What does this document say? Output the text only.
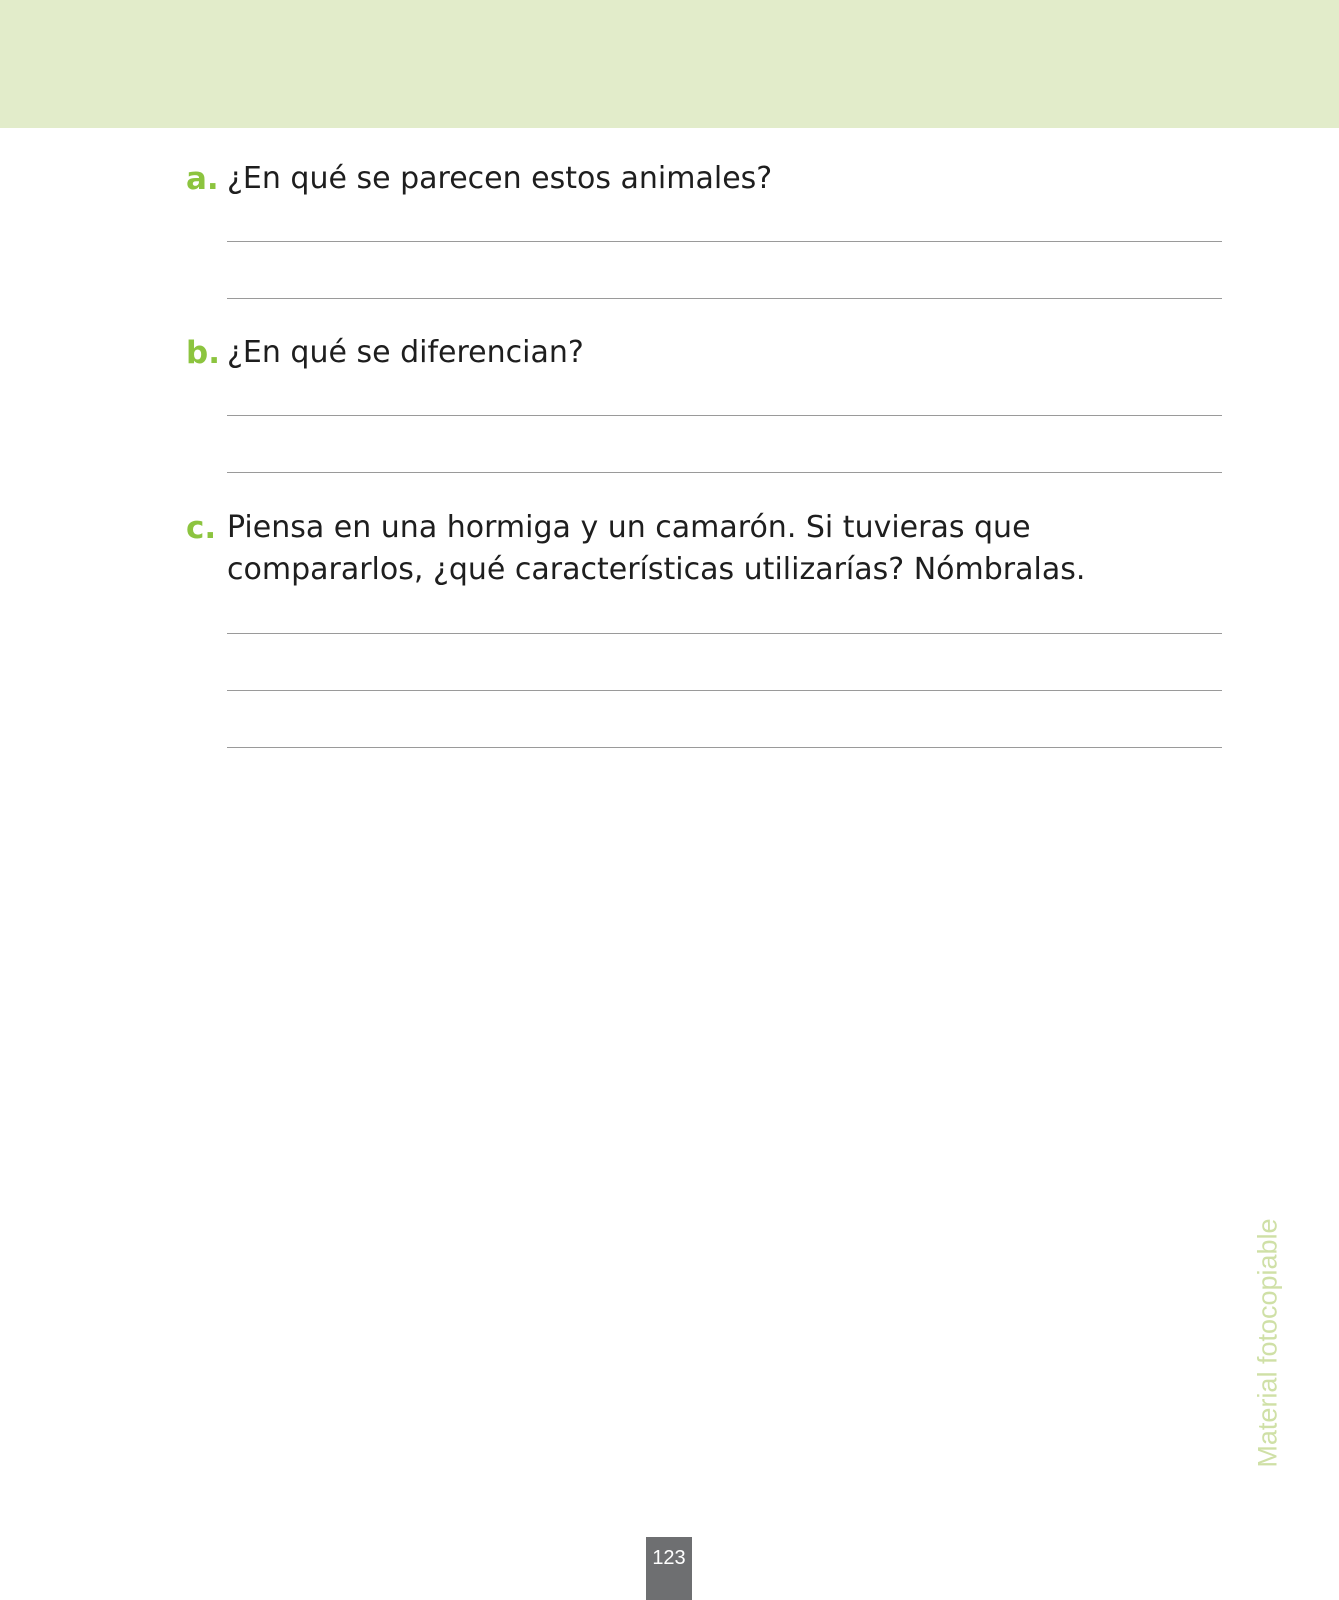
a. ¿En qué se parecen estos animales?
b. ¿En qué se diferencian?
c. Piensa en una hormiga y un camarón. Si tuvieras que compararlos, ¿qué características utilizarías? Nómbralas.
Material fotocopiable
123
